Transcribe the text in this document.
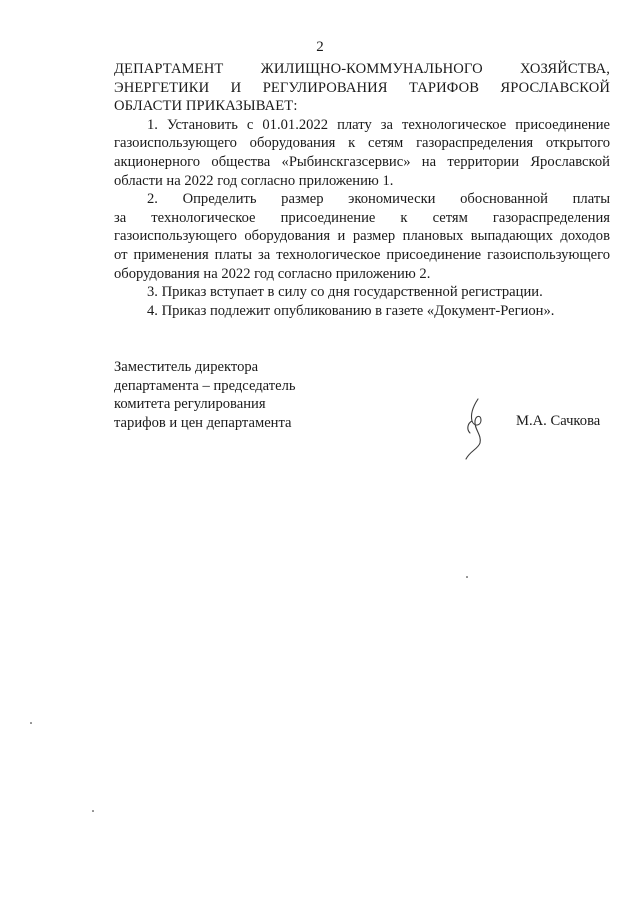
2

ДЕПАРТАМЕНТ ЖИЛИЩНО-КОММУНАЛЬНОГО ХОЗЯЙСТВА,

ЭНЕРГЕТИКИ И РЕГУЛИРОВАНИЯ ТАРИФОВ ЯРОСЛАВСКОЙ

ОБЛАСТИ ПРИКАЗЫВАЕТ:

1. Установить с 01.01.2022 плату за технологическое присоединение

газоиспользующего оборудования к сетям газораспределения открытого

акционерного общества «Рыбинскгазсервис» на территории Ярославской

области на 2022 год согласно приложению 1.

2. Определить размер экономически обоснованной платы

за технологическое присоединение к сетям газораспределения

газоиспользующего оборудования и размер плановых выпадающих доходов

от применения платы за технологическое присоединение газоиспользующего

оборудования на 2022 год согласно приложению 2.

3. Приказ вступает в силу со дня государственной регистрации.

4. Приказ подлежит опубликованию в газете «Документ-Регион».

Заместитель директора
департамента – председатель
комитета регулирования
тарифов и цен департамента	М.А. Сачкова
